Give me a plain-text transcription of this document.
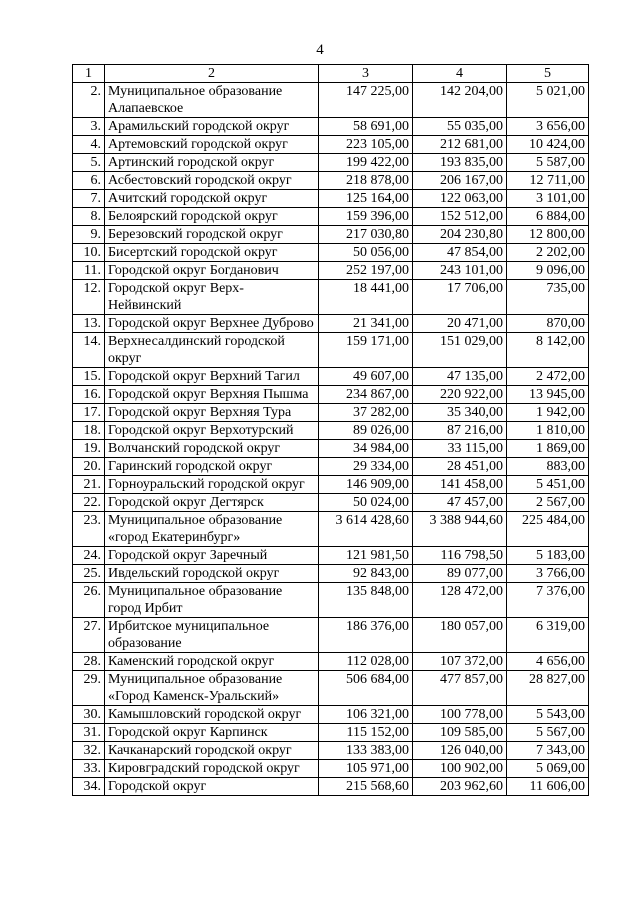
4
1	2	3	4	5
2.	Муниципальное образование Алапаевское	147 225,00	142 204,00	5 021,00
3.	Арамильский городской округ	58 691,00	55 035,00	3 656,00
4.	Артемовский городской округ	223 105,00	212 681,00	10 424,00
5.	Артинский городской округ	199 422,00	193 835,00	5 587,00
6.	Асбестовский городской округ	218 878,00	206 167,00	12 711,00
7.	Ачитский городской округ	125 164,00	122 063,00	3 101,00
8.	Белоярский городской округ	159 396,00	152 512,00	6 884,00
9.	Березовский городской округ	217 030,80	204 230,80	12 800,00
10.	Бисертский городской округ	50 056,00	47 854,00	2 202,00
11.	Городской округ Богданович	252 197,00	243 101,00	9 096,00
12.	Городской округ Верх-Нейвинский	18 441,00	17 706,00	735,00
13.	Городской округ Верхнее Дуброво	21 341,00	20 471,00	870,00
14.	Верхнесалдинский городской округ	159 171,00	151 029,00	8 142,00
15.	Городской округ Верхний Тагил	49 607,00	47 135,00	2 472,00
16.	Городской округ Верхняя Пышма	234 867,00	220 922,00	13 945,00
17.	Городской округ Верхняя Тура	37 282,00	35 340,00	1 942,00
18.	Городской округ Верхотурский	89 026,00	87 216,00	1 810,00
19.	Волчанский городской округ	34 984,00	33 115,00	1 869,00
20.	Гаринский городской округ	29 334,00	28 451,00	883,00
21.	Горноуральский городской округ	146 909,00	141 458,00	5 451,00
22.	Городской округ Дегтярск	50 024,00	47 457,00	2 567,00
23.	Муниципальное образование «город Екатеринбург»	3 614 428,60	3 388 944,60	225 484,00
24.	Городской округ Заречный	121 981,50	116 798,50	5 183,00
25.	Ивдельский городской округ	92 843,00	89 077,00	3 766,00
26.	Муниципальное образование город Ирбит	135 848,00	128 472,00	7 376,00
27.	Ирбитское муниципальное образование	186 376,00	180 057,00	6 319,00
28.	Каменский городской округ	112 028,00	107 372,00	4 656,00
29.	Муниципальное образование «Город Каменск-Уральский»	506 684,00	477 857,00	28 827,00
30.	Камышловский городской округ	106 321,00	100 778,00	5 543,00
31.	Городской округ Карпинск	115 152,00	109 585,00	5 567,00
32.	Качканарский городской округ	133 383,00	126 040,00	7 343,00
33.	Кировградский городской округ	105 971,00	100 902,00	5 069,00
34.	Городской округ	215 568,60	203 962,60	11 606,00
